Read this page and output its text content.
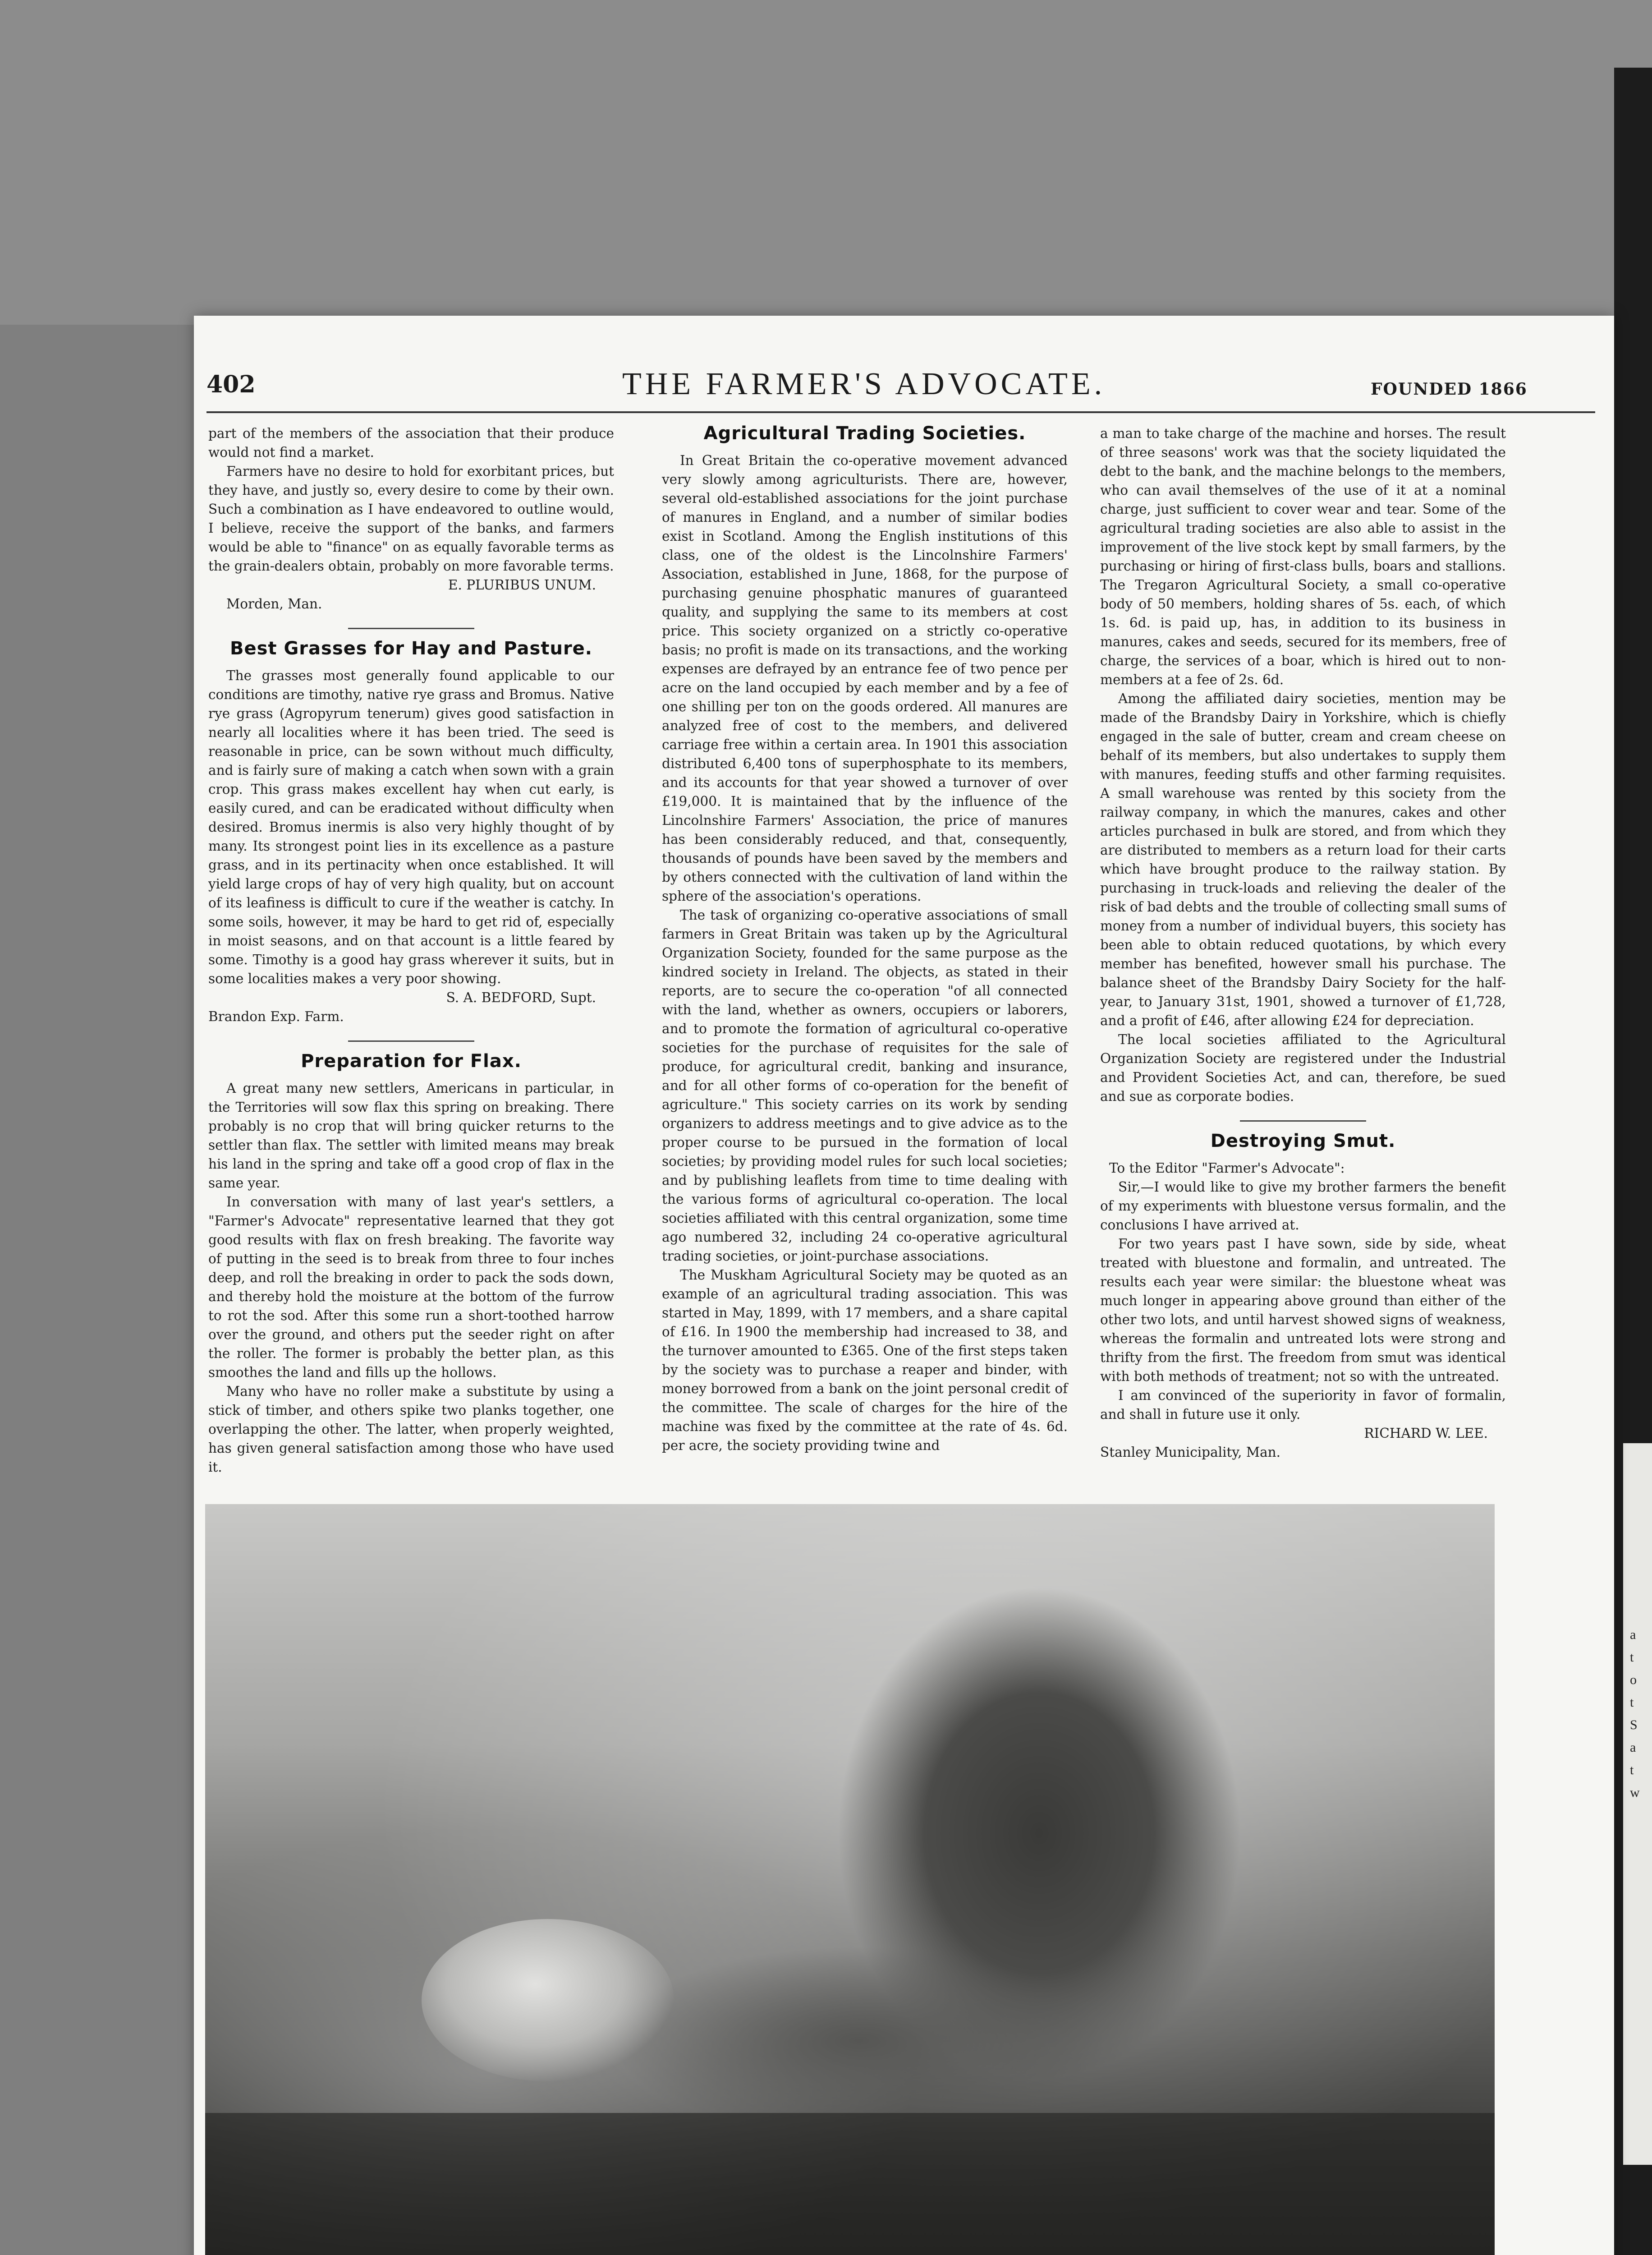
a
t
o
t
S
a
t
w
402	THE FARMER'S ADVOCATE.	FOUNDED 1866

part of the members of the association that their produce would not find a market.

Farmers have no desire to hold for exorbitant prices, but they have, and justly so, every desire to come by their own. Such a combination as I have endeavored to outline would, I believe, receive the support of the banks, and farmers would be able to "finance" on as equally favorable terms as the grain-dealers obtain, probably on more favorable terms.

E. PLURIBUS UNUM.

Morden, Man.

Best Grasses for Hay and Pasture.

The grasses most generally found applicable to our conditions are timothy, native rye grass and Bromus. Native rye grass (Agropyrum tenerum) gives good satisfaction in nearly all localities where it has been tried. The seed is reasonable in price, can be sown without much difficulty, and is fairly sure of making a catch when sown with a grain crop. This grass makes excellent hay when cut early, is easily cured, and can be eradicated without difficulty when desired. Bromus inermis is also very highly thought of by many. Its strongest point lies in its excellence as a pasture grass, and in its pertinacity when once established. It will yield large crops of hay of very high quality, but on account of its leafiness is difficult to cure if the weather is catchy. In some soils, however, it may be hard to get rid of, especially in moist seasons, and on that account is a little feared by some. Timothy is a good hay grass wherever it suits, but in some localities makes a very poor showing.

S. A. BEDFORD, Supt.

Brandon Exp. Farm.

Preparation for Flax.

A great many new settlers, Americans in particular, in the Territories will sow flax this spring on breaking. There probably is no crop that will bring quicker returns to the settler than flax. The settler with limited means may break his land in the spring and take off a good crop of flax in the same year.

In conversation with many of last year's settlers, a "Farmer's Advocate" representative learned that they got good results with flax on fresh breaking. The favorite way of putting in the seed is to break from three to four inches deep, and roll the breaking in order to pack the sods down, and thereby hold the moisture at the bottom of the furrow to rot the sod. After this some run a short-toothed harrow over the ground, and others put the seeder right on after the roller. The former is probably the better plan, as this smoothes the land and fills up the hollows.

Many who have no roller make a substitute by using a stick of timber, and others spike two planks together, one overlapping the other. The latter, when properly weighted, has given general satisfaction among those who have used it.

Agricultural Trading Societies.

In Great Britain the co-operative movement advanced very slowly among agriculturists. There are, however, several old-established associations for the joint purchase of manures in England, and a number of similar bodies exist in Scotland. Among the English institutions of this class, one of the oldest is the Lincolnshire Farmers' Association, established in June, 1868, for the purpose of purchasing genuine phosphatic manures of guaranteed quality, and supplying the same to its members at cost price. This society organized on a strictly co-operative basis; no profit is made on its transactions, and the working expenses are defrayed by an entrance fee of two pence per acre on the land occupied by each member and by a fee of one shilling per ton on the goods ordered. All manures are analyzed free of cost to the members, and delivered carriage free within a certain area. In 1901 this association distributed 6,400 tons of superphosphate to its members, and its accounts for that year showed a turnover of over £19,000. It is maintained that by the influence of the Lincolnshire Farmers' Association, the price of manures has been considerably reduced, and that, consequently, thousands of pounds have been saved by the members and by others connected with the cultivation of land within the sphere of the association's operations.

The task of organizing co-operative associations of small farmers in Great Britain was taken up by the Agricultural Organization Society, founded for the same purpose as the kindred society in Ireland. The objects, as stated in their reports, are to secure the co-operation "of all connected with the land, whether as owners, occupiers or laborers, and to promote the formation of agricultural co-operative societies for the purchase of requisites for the sale of produce, for agricultural credit, banking and insurance, and for all other forms of co-operation for the benefit of agriculture." This society carries on its work by sending organizers to address meetings and to give advice as to the proper course to be pursued in the formation of local societies; by providing model rules for such local societies; and by publishing leaflets from time to time dealing with the various forms of agricultural co-operation. The local societies affiliated with this central organization, some time ago numbered 32, including 24 co-operative agricultural trading societies, or joint-purchase associations.

The Muskham Agricultural Society may be quoted as an example of an agricultural trading association. This was started in May, 1899, with 17 members, and a share capital of £16. In 1900 the membership had increased to 38, and the turnover amounted to £365. One of the first steps taken by the society was to purchase a reaper and binder, with money borrowed from a bank on the joint personal credit of the committee. The scale of charges for the hire of the machine was fixed by the committee at the rate of 4s. 6d. per acre, the society providing twine and

a man to take charge of the machine and horses. The result of three seasons' work was that the society liquidated the debt to the bank, and the machine belongs to the members, who can avail themselves of the use of it at a nominal charge, just sufficient to cover wear and tear. Some of the agricultural trading societies are also able to assist in the improvement of the live stock kept by small farmers, by the purchasing or hiring of first-class bulls, boars and stallions. The Tregaron Agricultural Society, a small co-operative body of 50 members, holding shares of 5s. each, of which 1s. 6d. is paid up, has, in addition to its business in manures, cakes and seeds, secured for its members, free of charge, the services of a boar, which is hired out to non-members at a fee of 2s. 6d.

Among the affiliated dairy societies, mention may be made of the Brandsby Dairy in Yorkshire, which is chiefly engaged in the sale of butter, cream and cream cheese on behalf of its members, but also undertakes to supply them with manures, feeding stuffs and other farming requisites. A small warehouse was rented by this society from the railway company, in which the manures, cakes and other articles purchased in bulk are stored, and from which they are distributed to members as a return load for their carts which have brought produce to the railway station. By purchasing in truck-loads and relieving the dealer of the risk of bad debts and the trouble of collecting small sums of money from a number of individual buyers, this society has been able to obtain reduced quotations, by which every member has benefited, however small his purchase. The balance sheet of the Brandsby Dairy Society for the half-year, to January 31st, 1901, showed a turnover of £1,728, and a profit of £46, after allowing £24 for depreciation.

The local societies affiliated to the Agricultural Organization Society are registered under the Industrial and Provident Societies Act, and can, therefore, be sued and sue as corporate bodies.

Destroying Smut.

To the Editor "Farmer's Advocate":

Sir,—I would like to give my brother farmers the benefit of my experiments with bluestone versus formalin, and the conclusions I have arrived at.

For two years past I have sown, side by side, wheat treated with bluestone and formalin, and untreated. The results each year were similar: the bluestone wheat was much longer in appearing above ground than either of the other two lots, and until harvest showed signs of weakness, whereas the formalin and untreated lots were strong and thrifty from the first. The freedom from smut was identical with both methods of treatment; not so with the untreated.

I am convinced of the superiority in favor of formalin, and shall in future use it only.

RICHARD W. LEE.

Stanley Municipality, Man.
